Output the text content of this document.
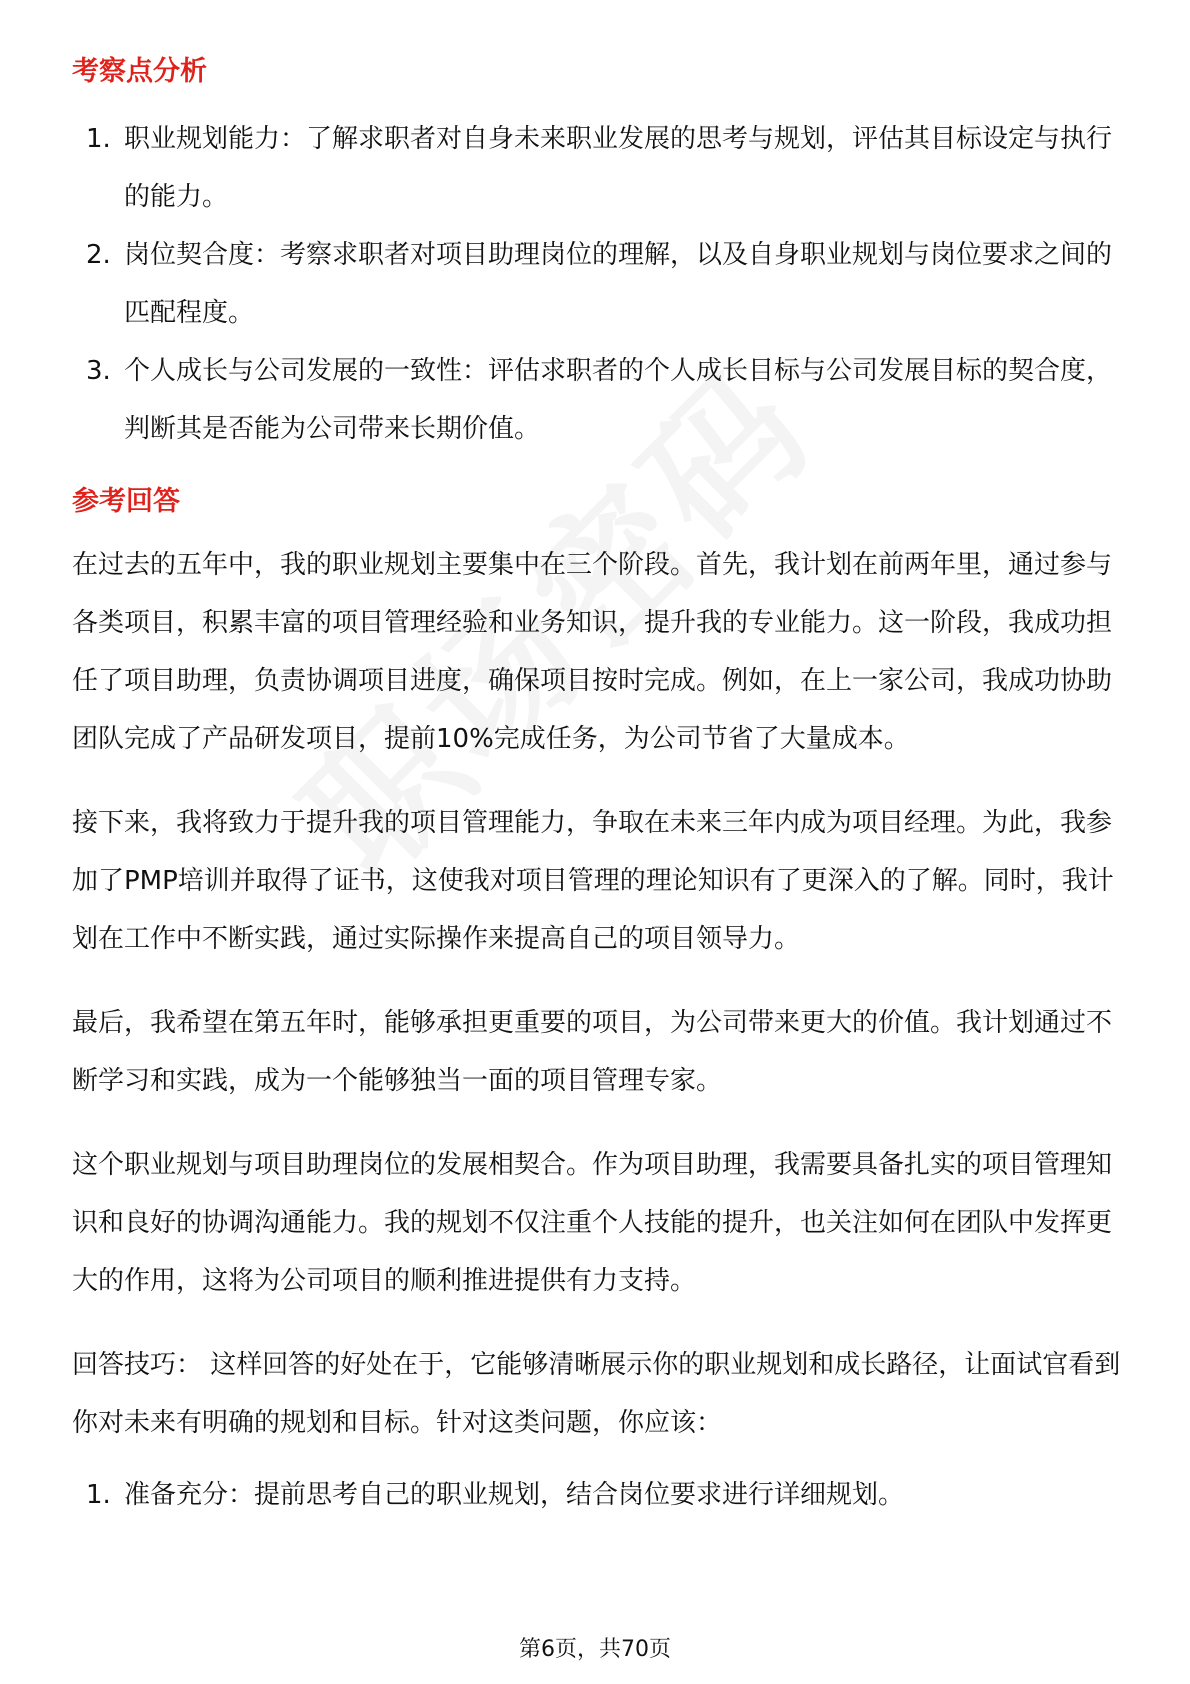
考察点分析
1. 职业规划能力：了解求职者对自身未来职业发展的思考与规划，评估其目标设定与执行的能力。
2. 岗位契合度：考察求职者对项目助理岗位的理解，以及自身职业规划与岗位要求之间的匹配程度。
3. 个人成长与公司发展的一致性：评估求职者的个人成长目标与公司发展目标的契合度，判断其是否能为公司带来长期价值。
参考回答

在过去的五年中，我的职业规划主要集中在三个阶段。首先，我计划在前两年里，通过参与各类项目，积累丰富的项目管理经验和业务知识，提升我的专业能力。这一阶段，我成功担任了项目助理，负责协调项目进度，确保项目按时完成。例如，在上一家公司，我成功协助团队完成了产品研发项目，提前10%完成任务，为公司节省了大量成本。

接下来，我将致力于提升我的项目管理能力，争取在未来三年内成为项目经理。为此，我参加了PMP培训并取得了证书，这使我对项目管理的理论知识有了更深入的了解。同时，我计划在工作中不断实践，通过实际操作来提高自己的项目领导力。

最后，我希望在第五年时，能够承担更重要的项目，为公司带来更大的价值。我计划通过不断学习和实践，成为一个能够独当一面的项目管理专家。

这个职业规划与项目助理岗位的发展相契合。作为项目助理，我需要具备扎实的项目管理知识和良好的协调沟通能力。我的规划不仅注重个人技能的提升，也关注如何在团队中发挥更大的作用，这将为公司项目的顺利推进提供有力支持。

回答技巧： 这样回答的好处在于，它能够清晰展示你的职业规划和成长路径，让面试官看到你对未来有明确的规划和目标。针对这类问题，你应该：

1. 准备充分：提前思考自己的职业规划，结合岗位要求进行详细规划。
第6页，共70页
